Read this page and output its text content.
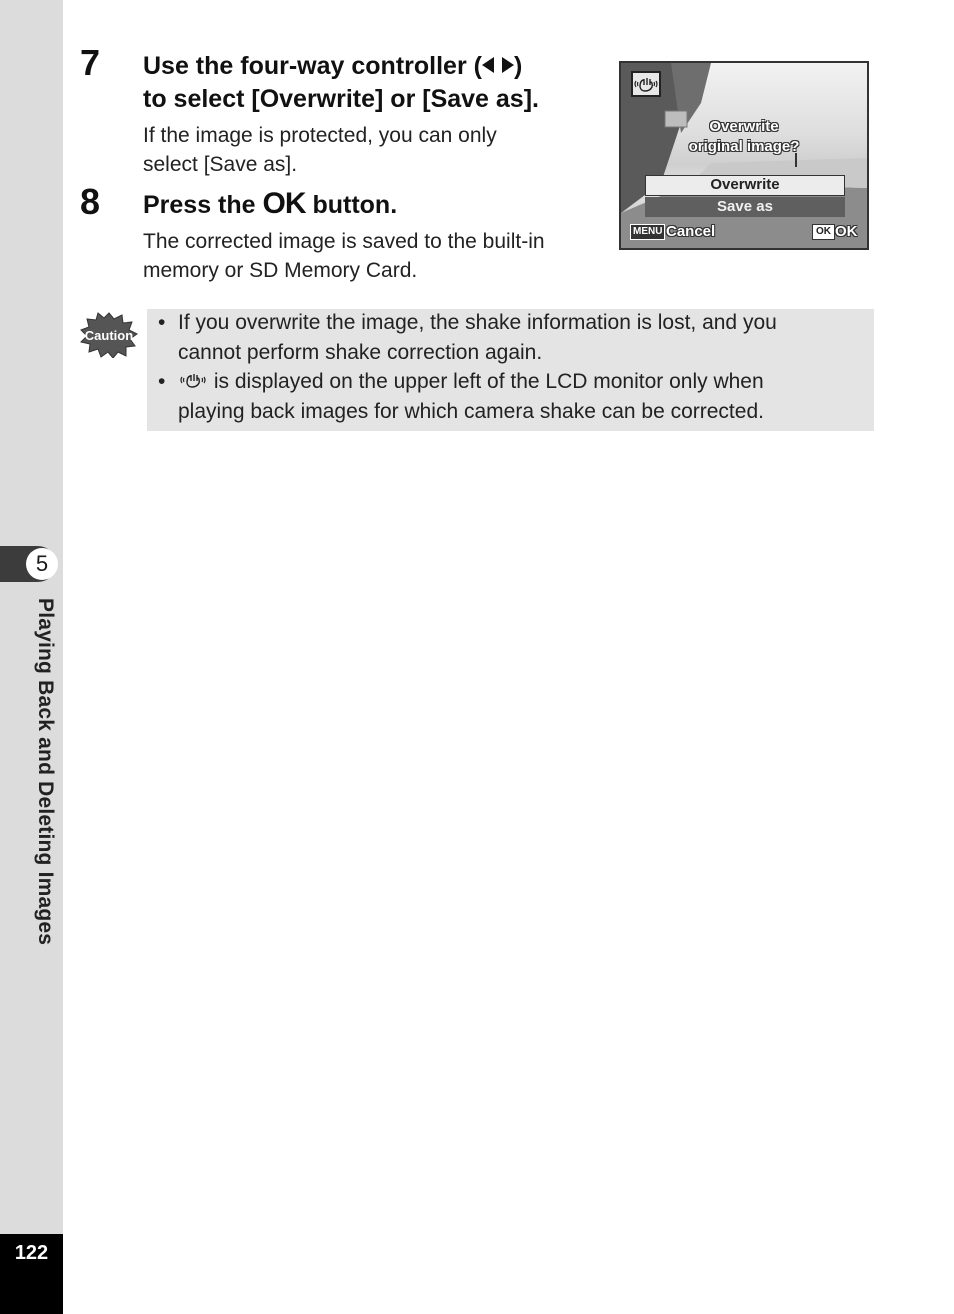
5
Playing Back and Deleting Images
122
7 Use the four-way controller ( )
to select [Overwrite] or [Save as].
If the image is protected, you can only
select [Save as].
8 Press the OK button.
The corrected image is saved to the built-in
memory or SD Memory Card.
Overwrite
original image?
Overwrite
Save as
MENU Cancel	OK OK
Caution
• If you overwrite the image, the shake information is lost, and you
cannot perform shake correction again.
•	is displayed on the upper left of the LCD monitor only when
playing back images for which camera shake can be corrected.
